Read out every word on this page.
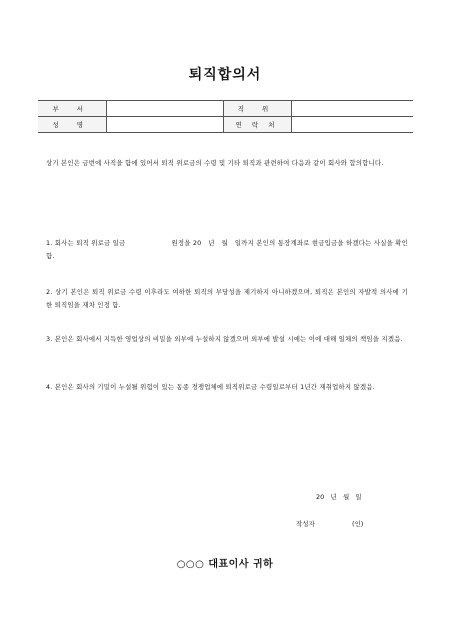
퇴직합의서
부 서		직 위	
성 명		연 락 처	

상기 본인은 금번에 사직을 함에 있어서 퇴직 위로금의 수령 및 기타 퇴직과 관련하여 다음과 같이 회사와 합의합니다.

1. 회사는 퇴직 위로금 일금                    원정을 20   년   월   일까지 본인의 통장계좌로 현금입금을 하겠다는 사실을 확인함.

2. 상기 본인은 퇴직 위로금 수령 이후라도 여하한 퇴직의 부당성을 제기하지 아니하겠으며, 퇴직은 본인의 자발적 의사에 기한 퇴직임을 재차 인정 함.

3. 본인은 회사에서 지득한 영업상의 비밀을 외부에 누설하지 않겠으며 외부에 발설 시에는 이에 대해 일체의 책임을 지겠음.

4. 본인은 회사의 기밀이 누설될 위험이 있는 동종 경쟁업체에 퇴직위로금 수령일로부터 1년간 재취업하지 않겠음.

20   년   월   일
작성자                  (인)
○○○ 대표이사 귀하
